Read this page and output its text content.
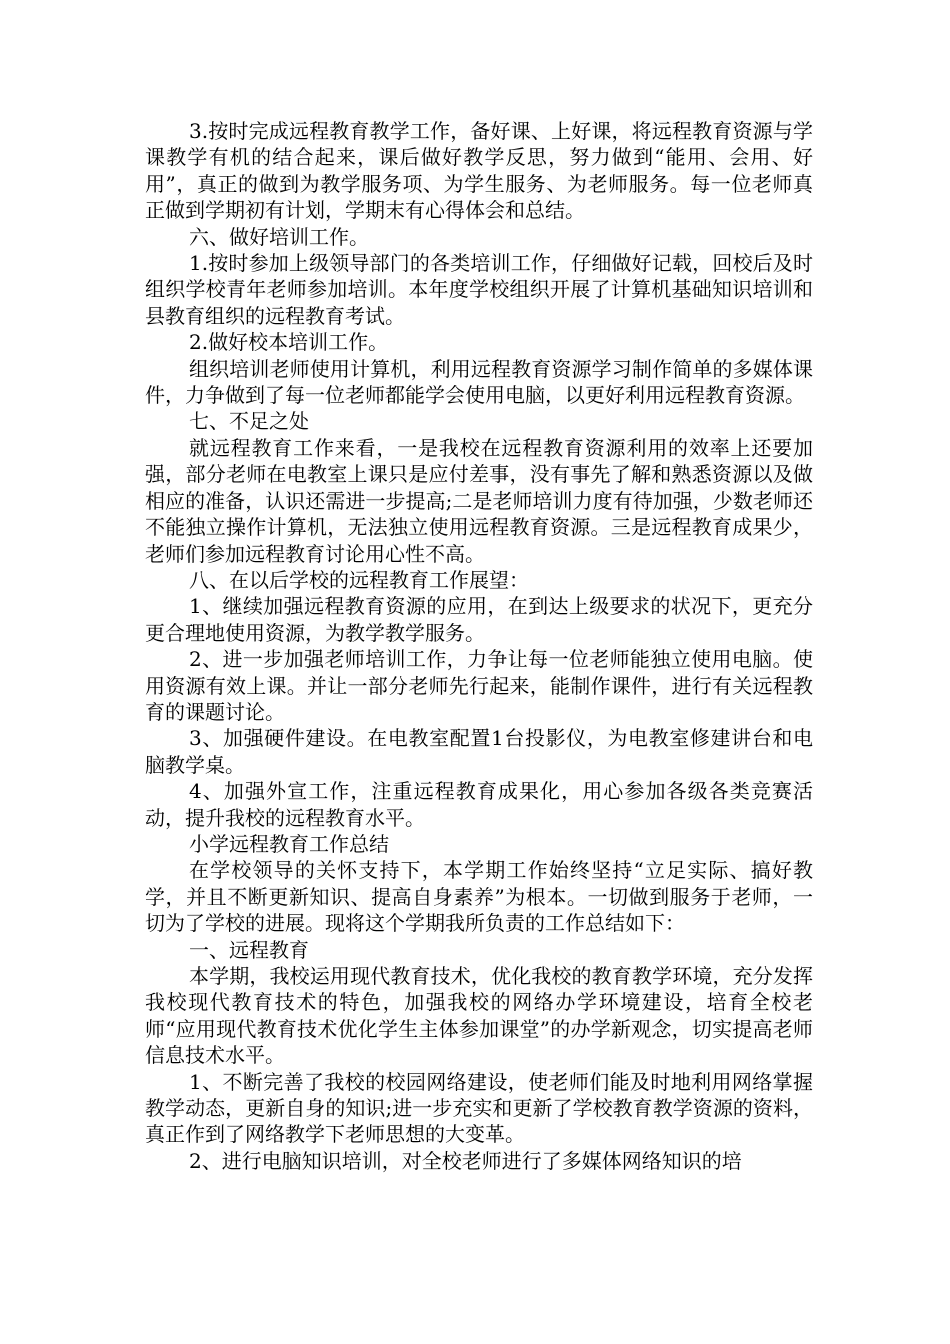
3.按时完成远程教育教学工作，备好课、上好课，将远程教育资源与学课教学有机的结合起来，课后做好教学反思，努力做到“能用、会用、好用”，真正的做到为教学服务项、为学生服务、为老师服务。每一位老师真正做到学期初有计划，学期末有心得体会和总结。

六、做好培训工作。

1.按时参加上级领导部门的各类培训工作，仔细做好记载，回校后及时组织学校青年老师参加培训。本年度学校组织开展了计算机基础知识培训和县教育组织的远程教育考试。

2.做好校本培训工作。

组织培训老师使用计算机，利用远程教育资源学习制作简单的多媒体课件，力争做到了每一位老师都能学会使用电脑，以更好利用远程教育资源。

七、不足之处

就远程教育工作来看，一是我校在远程教育资源利用的效率上还要加强，部分老师在电教室上课只是应付差事，没有事先了解和熟悉资源以及做相应的准备，认识还需进一步提高;二是老师培训力度有待加强，少数老师还不能独立操作计算机，无法独立使用远程教育资源。三是远程教育成果少，老师们参加远程教育讨论用心性不高。

八、在以后学校的远程教育工作展望：

1、继续加强远程教育资源的应用，在到达上级要求的状况下，更充分更合理地使用资源，为教学教学服务。

2、进一步加强老师培训工作，力争让每一位老师能独立使用电脑。使用资源有效上课。并让一部分老师先行起来，能制作课件，进行有关远程教育的课题讨论。

3、加强硬件建设。在电教室配置1台投影仪，为电教室修建讲台和电脑教学桌。

4、加强外宣工作，注重远程教育成果化，用心参加各级各类竞赛活动，提升我校的远程教育水平。

小学远程教育工作总结

在学校领导的关怀支持下，本学期工作始终坚持“立足实际、搞好教学，并且不断更新知识、提高自身素养”为根本。一切做到服务于老师，一切为了学校的进展。现将这个学期我所负责的工作总结如下：

一、远程教育

本学期，我校运用现代教育技术，优化我校的教育教学环境，充分发挥我校现代教育技术的特色，加强我校的网络办学环境建设，培育全校老师“应用现代教育技术优化学生主体参加课堂”的办学新观念，切实提高老师信息技术水平。

1、不断完善了我校的校园网络建设，使老师们能及时地利用网络掌握教学动态，更新自身的知识;进一步充实和更新了学校教育教学资源的资料，真正作到了网络教学下老师思想的大变革。

2、进行电脑知识培训，对全校老师进行了多媒体网络知识的培
